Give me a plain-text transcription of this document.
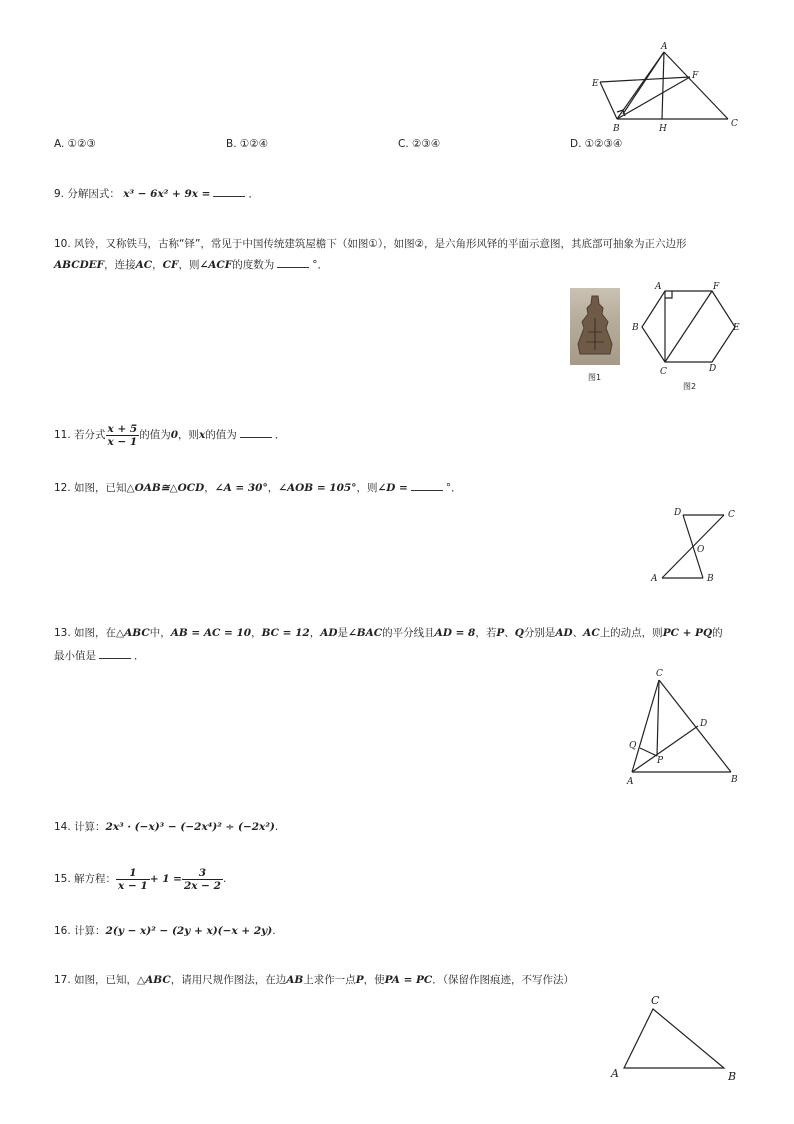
A
E
F
B	H	C
A. ①②③	B. ①②④	C. ②③④	D. ①②③④
9. 分解因式： x³ − 6x² + 9x =	．
10. 风铃，又称铁马，古称“铎”，常见于中国传统建筑屋檐下（如图①），如图②，是六角形风铎的平面示意图，其底部可抽象为正六边形
ABCDEF，连接AC，CF，则∠ACF的度数为	°．
图1
A	F
B	E
C	D
图2
11. 若分式 $\frac{x + 5}{x - 1}$ 的值为0，则x的值为	．
12. 如图，已知△OAB≅△OCD，∠A = 30°，∠AOB = 105°，则∠D =	°．
D	C
O
A	B
13. 如图，在△ABC中，AB = AC = 10，BC = 12，AD是∠BAC的平分线且AD = 8，若P、Q分别是AD、AC上的动点，则PC + PQ的
最小值是	．
C
D
Q
P
A	B
14. 计算：2x³ · (−x)³ − (−2x⁴)² ÷ (−2x²).
15. 解方程： $\frac{1}{x - 1} + 1 = \frac{3}{2x - 2}$ .
16. 计算：2(y − x)² − (2y + x)(−x + 2y).
17. 如图，已知，△ABC，请用尺规作图法，在边AB上求作一点P，使PA = PC．（保留作图痕迹，不写作法）
C
A	B
